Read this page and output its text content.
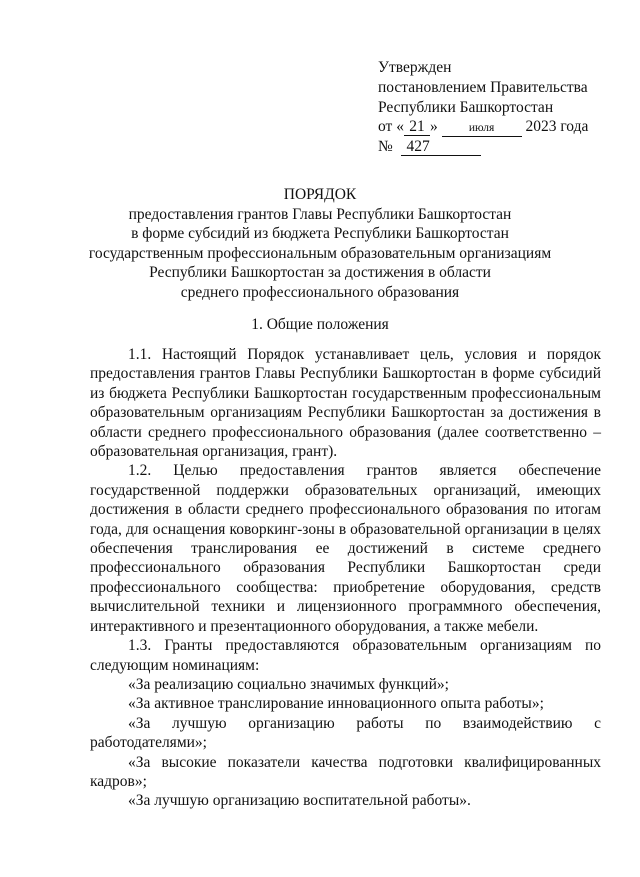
Утвержден
постановлением Правительства
Республики Башкортостан
от « 21 »	июля 2023 года
№ 427
ПОРЯДОК
предоставления грантов Главы Республики Башкортостан
в форме субсидий из бюджета Республики Башкортостан
государственным профессиональным образовательным организациям
Республики Башкортостан за достижения в области
среднего профессионального образования
1. Общие положения

1.1. Настоящий Порядок устанавливает цель, условия и порядок предоставления грантов Главы Республики Башкортостан в форме субсидий из бюджета Республики Башкортостан государственным профессиональным образовательным организациям Республики Башкортостан за достижения в области среднего профессионального образования (далее соответственно – образовательная организация, грант).

1.2. Целью предоставления грантов является обеспечение государственной поддержки образовательных организаций, имеющих достижения в области среднего профессионального образования по итогам года, для оснащения коворкинг-зоны в образовательной организации в целях обеспечения транслирования ее достижений в системе среднего профессионального образования Республики Башкортостан среди профессионального сообщества: приобретение оборудования, средств вычислительной техники и лицензионного программного обеспечения, интерактивного и презентационного оборудования, а также мебели.

1.3. Гранты предоставляются образовательным организациям по следующим номинациям:

«За реализацию социально значимых функций»;

«За активное транслирование инновационного опыта работы»;

«За лучшую организацию работы по взаимодействию с работодателями»;

«За высокие показатели качества подготовки квалифицированных кадров»;

«За лучшую организацию воспитательной работы».
